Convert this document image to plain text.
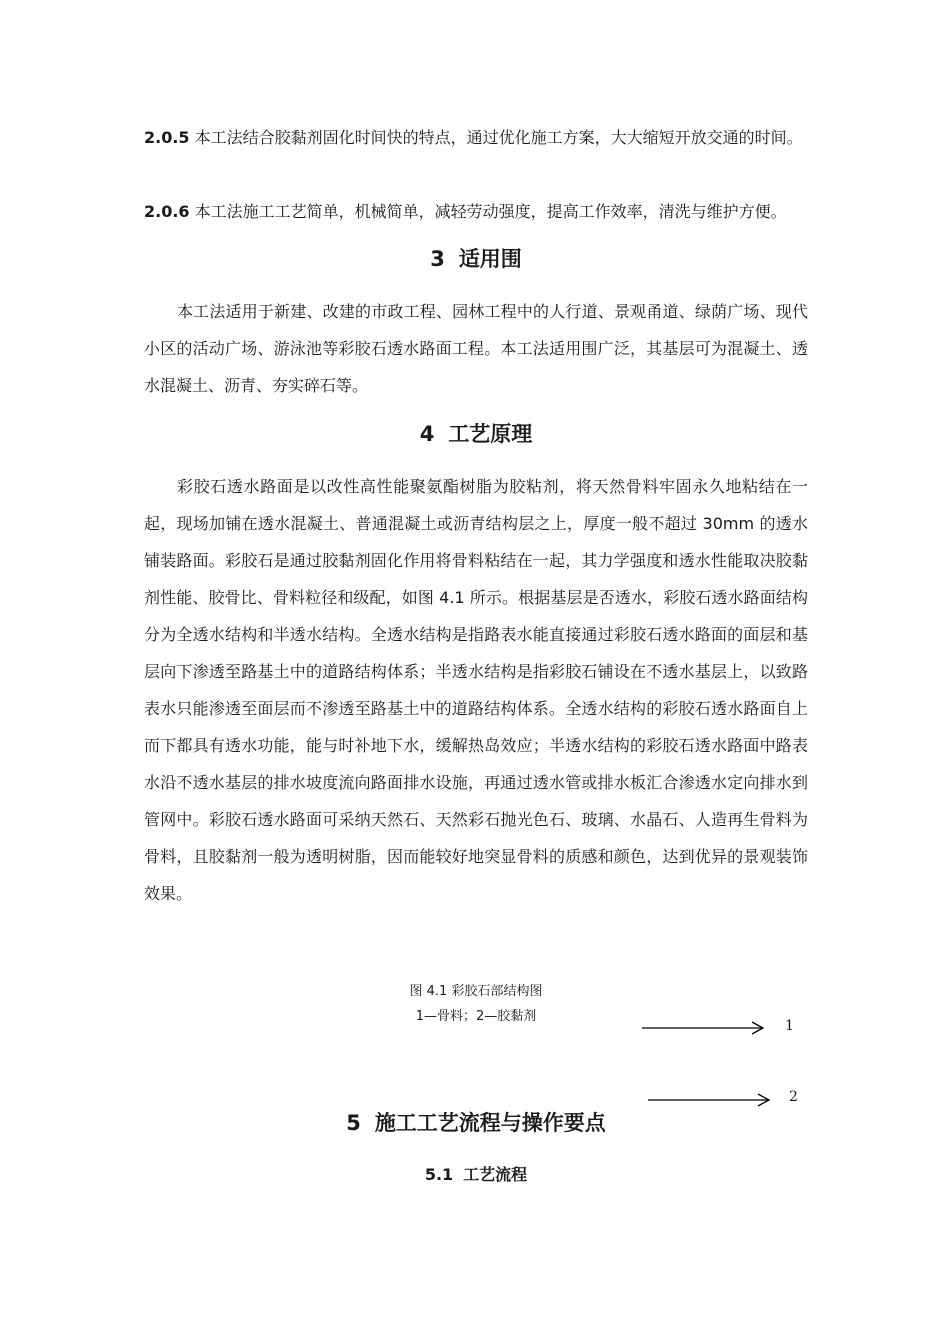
2.0.5 本工法结合胶黏剂固化时间快的特点，通过优化施工方案，大大缩短开放交通的时间。

2.0.6 本工法施工工艺简单，机械简单，减轻劳动强度，提高工作效率，清洗与维护方便。

3 适用围

本工法适用于新建、改建的市政工程、园林工程中的人行道、景观甬道、绿荫广场、现代小区的活动广场、游泳池等彩胶石透水路面工程。本工法适用围广泛，其基层可为混凝土、透水混凝土、沥青、夯实碎石等。

4 工艺原理

彩胶石透水路面是以改性高性能聚氨酯树脂为胶粘剂，将天然骨料牢固永久地粘结在一起，现场加铺在透水混凝土、普通混凝土或沥青结构层之上，厚度一般不超过 30mm 的透水铺装路面。彩胶石是通过胶黏剂固化作用将骨料粘结在一起，其力学强度和透水性能取决胶黏剂性能、胶骨比、骨料粒径和级配，如图 4.1 所示。根据基层是否透水，彩胶石透水路面结构分为全透水结构和半透水结构。全透水结构是指路表水能直接通过彩胶石透水路面的面层和基层向下渗透至路基土中的道路结构体系；半透水结构是指彩胶石铺设在不透水基层上，以致路表水只能渗透至面层而不渗透至路基土中的道路结构体系。全透水结构的彩胶石透水路面自上而下都具有透水功能，能与时补地下水，缓解热岛效应；半透水结构的彩胶石透水路面中路表水沿不透水基层的排水坡度流向路面排水设施，再通过透水管或排水板汇合渗透水定向排水到管网中。彩胶石透水路面可采纳天然石、天然彩石抛光色石、玻璃、水晶石、人造再生骨料为骨料，且胶黏剂一般为透明树脂，因而能较好地突显骨料的质感和颜色，达到优异的景观装饰效果。

图 4.1 彩胶石部结构图

1—骨料；2—胶黏剂

1
2
5 施工工艺流程与操作要点
5.1 工艺流程
